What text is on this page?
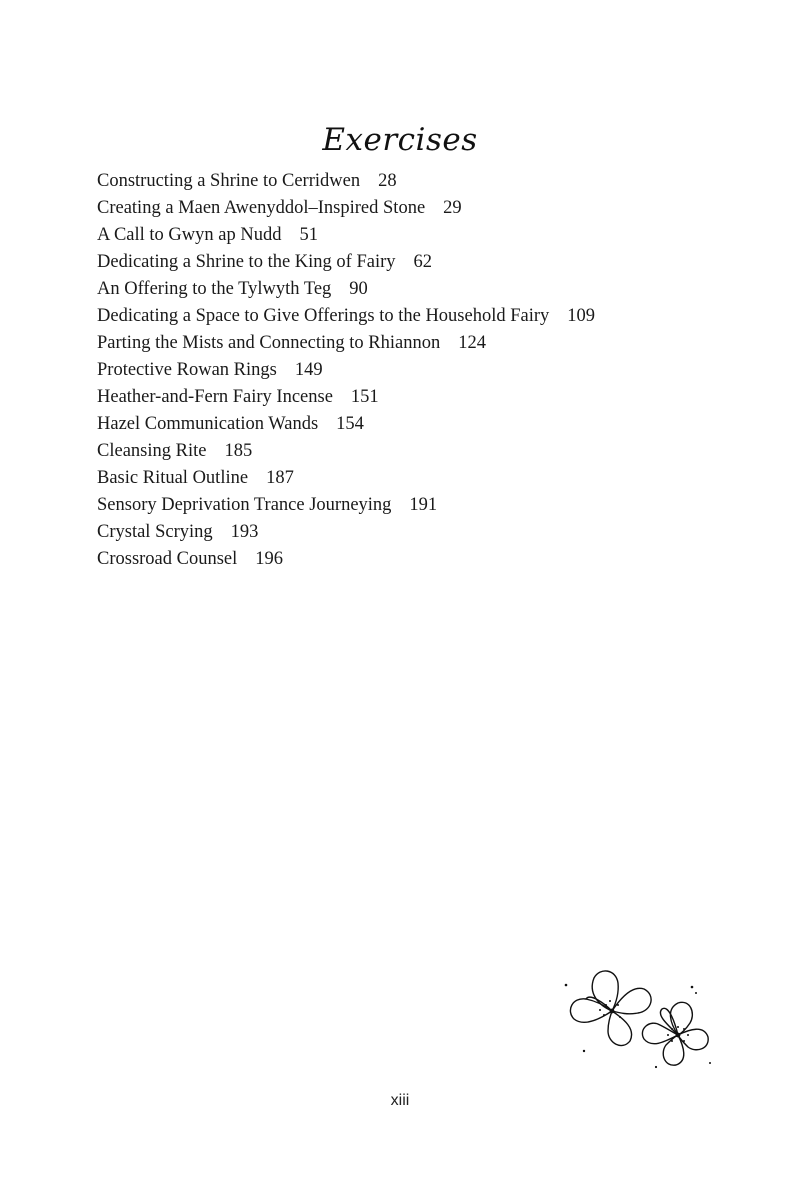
Exercises
Constructing a Shrine to Cerridwen 28
Creating a Maen Awenyddol–Inspired Stone 29
A Call to Gwyn ap Nudd 51
Dedicating a Shrine to the King of Fairy 62
An Offering to the Tylwyth Teg 90
Dedicating a Space to Give Offerings to the Household Fairy 109
Parting the Mists and Connecting to Rhiannon 124
Protective Rowan Rings 149
Heather-and-Fern Fairy Incense 151
Hazel Communication Wands 154
Cleansing Rite 185
Basic Ritual Outline 187
Sensory Deprivation Trance Journeying 191
Crystal Scrying 193
Crossroad Counsel 196
xiii
